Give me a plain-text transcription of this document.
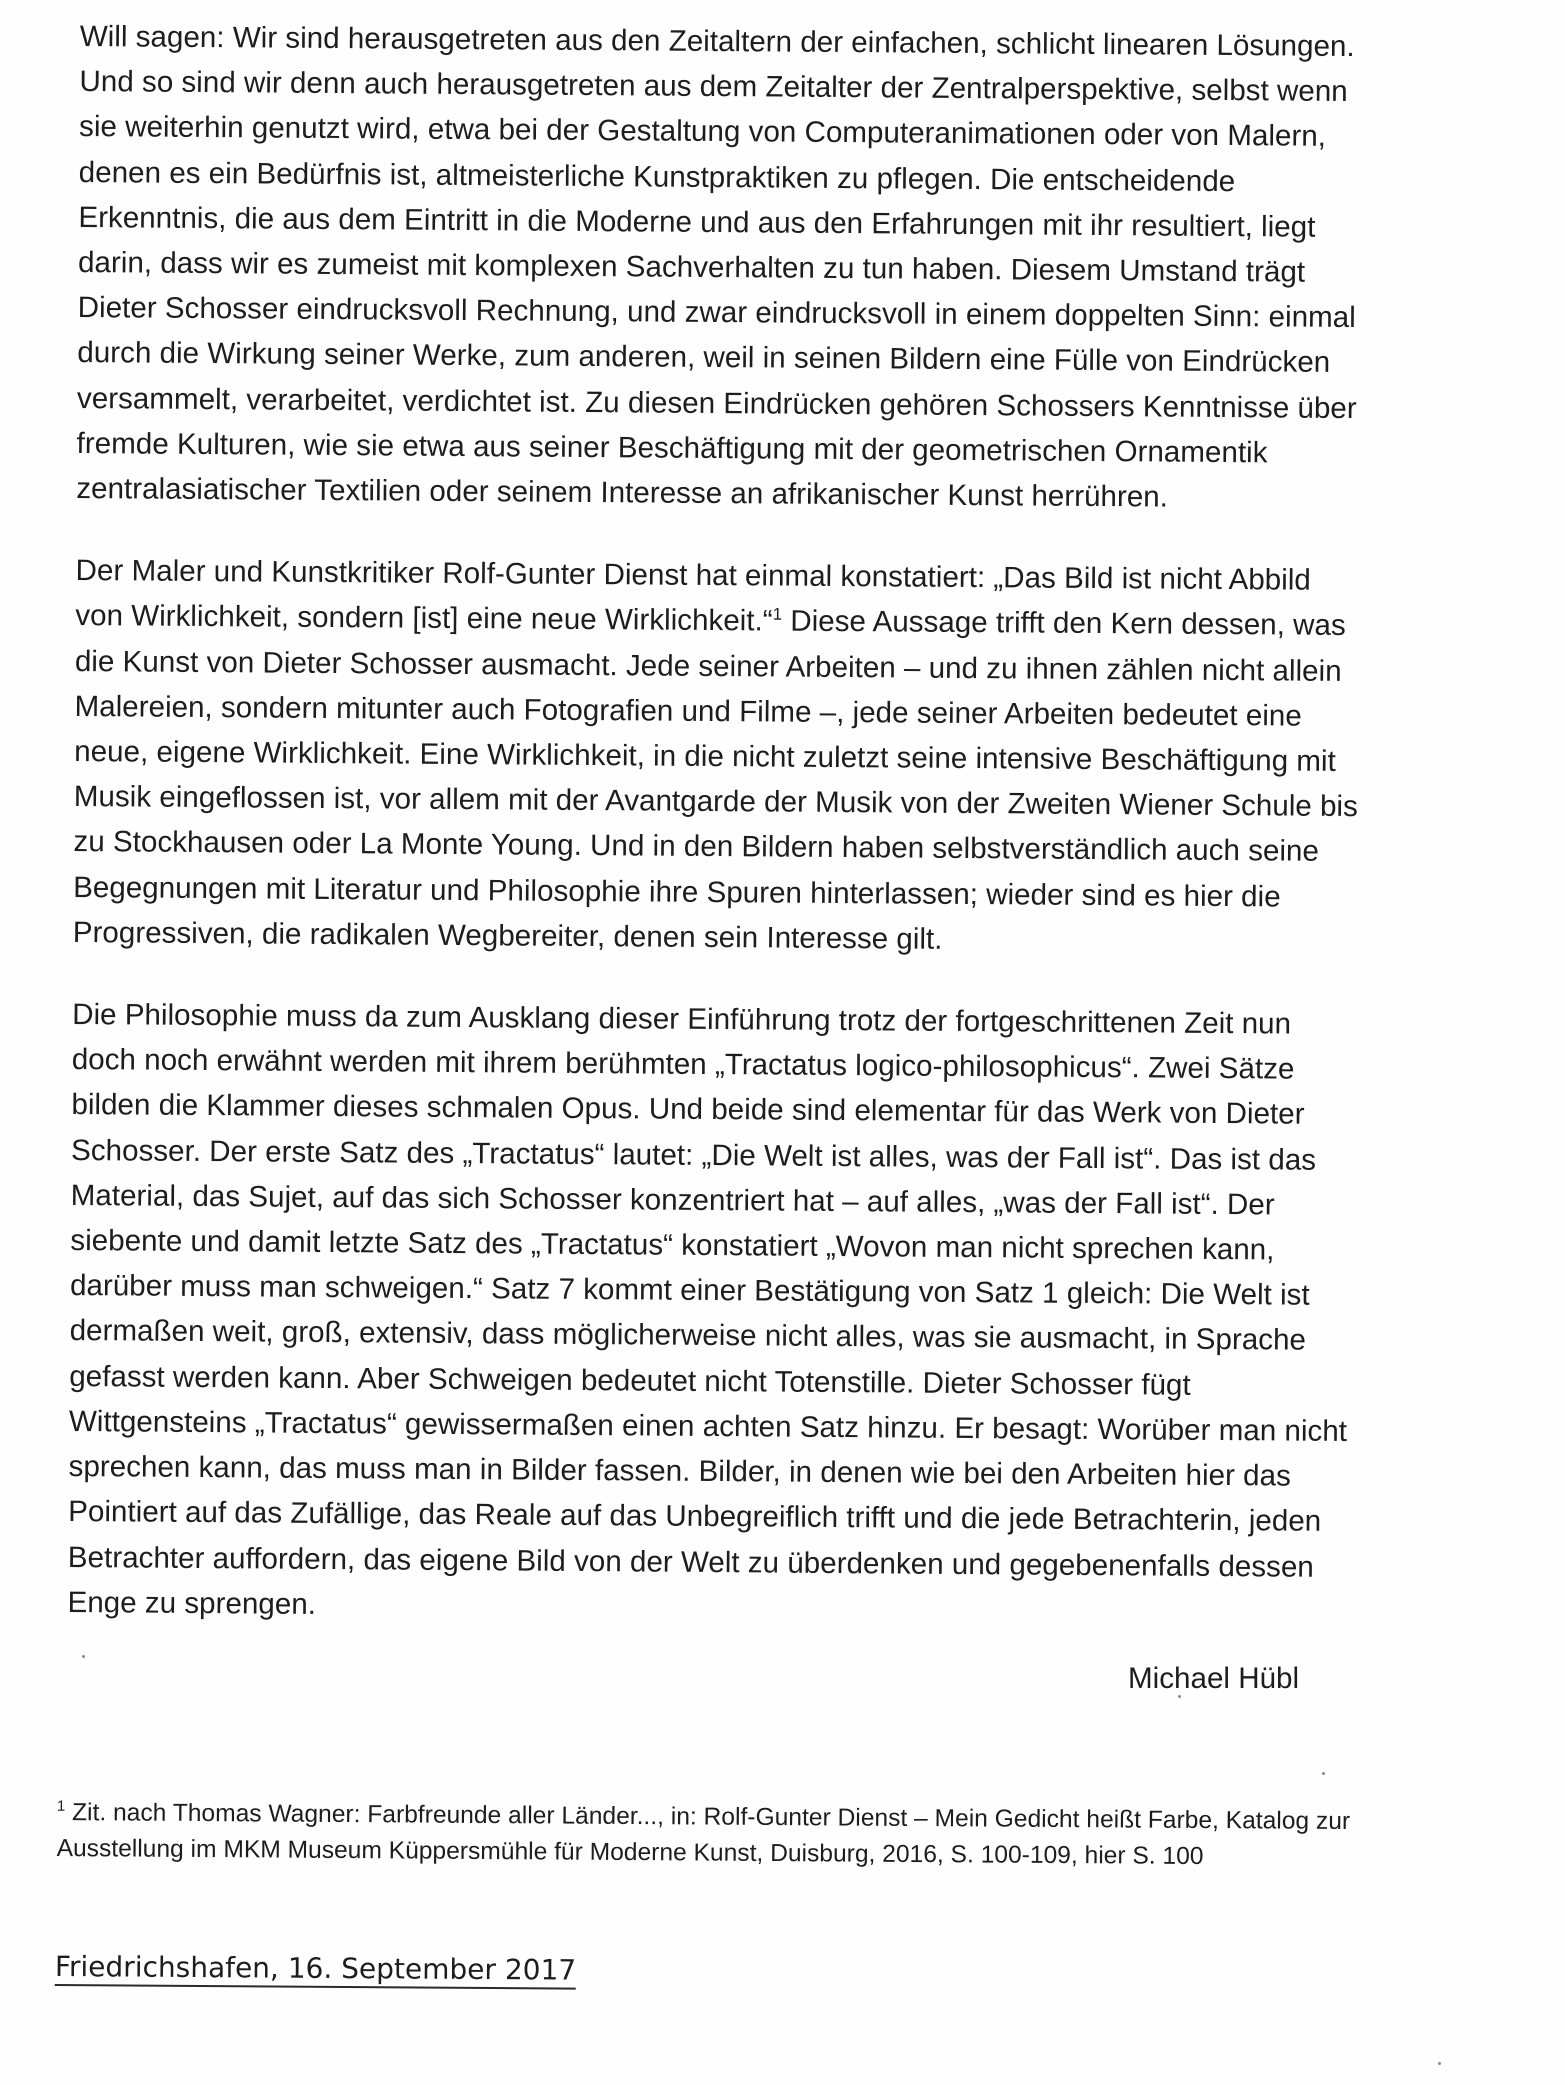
Will sagen: Wir sind herausgetreten aus den Zeitaltern der einfachen, schlicht linearen Lösungen.
Und so sind wir denn auch herausgetreten aus dem Zeitalter der Zentralperspektive, selbst wenn
sie weiterhin genutzt wird, etwa bei der Gestaltung von Computeranimationen oder von Malern,
denen es ein Bedürfnis ist, altmeisterliche Kunstpraktiken zu pflegen. Die entscheidende
Erkenntnis, die aus dem Eintritt in die Moderne und aus den Erfahrungen mit ihr resultiert, liegt
darin, dass wir es zumeist mit komplexen Sachverhalten zu tun haben. Diesem Umstand trägt
Dieter Schosser eindrucksvoll Rechnung, und zwar eindrucksvoll in einem doppelten Sinn: einmal
durch die Wirkung seiner Werke, zum anderen, weil in seinen Bildern eine Fülle von Eindrücken
versammelt, verarbeitet, verdichtet ist. Zu diesen Eindrücken gehören Schossers Kenntnisse über
fremde Kulturen, wie sie etwa aus seiner Beschäftigung mit der geometrischen Ornamentik
zentralasiatischer Textilien oder seinem Interesse an afrikanischer Kunst herrühren.

Der Maler und Kunstkritiker Rolf-Gunter Dienst hat einmal konstatiert: „Das Bild ist nicht Abbild
von Wirklichkeit, sondern [ist] eine neue Wirklichkeit.“$^1$ Diese Aussage trifft den Kern dessen, was
die Kunst von Dieter Schosser ausmacht. Jede seiner Arbeiten – und zu ihnen zählen nicht allein
Malereien, sondern mitunter auch Fotografien und Filme –, jede seiner Arbeiten bedeutet eine
neue, eigene Wirklichkeit. Eine Wirklichkeit, in die nicht zuletzt seine intensive Beschäftigung mit
Musik eingeflossen ist, vor allem mit der Avantgarde der Musik von der Zweiten Wiener Schule bis
zu Stockhausen oder La Monte Young. Und in den Bildern haben selbstverständlich auch seine
Begegnungen mit Literatur und Philosophie ihre Spuren hinterlassen; wieder sind es hier die
Progressiven, die radikalen Wegbereiter, denen sein Interesse gilt.

Die Philosophie muss da zum Ausklang dieser Einführung trotz der fortgeschrittenen Zeit nun
doch noch erwähnt werden mit ihrem berühmten „Tractatus logico-philosophicus“. Zwei Sätze
bilden die Klammer dieses schmalen Opus. Und beide sind elementar für das Werk von Dieter
Schosser. Der erste Satz des „Tractatus“ lautet: „Die Welt ist alles, was der Fall ist“. Das ist das
Material, das Sujet, auf das sich Schosser konzentriert hat – auf alles, „was der Fall ist“. Der
siebente und damit letzte Satz des „Tractatus“ konstatiert „Wovon man nicht sprechen kann,
darüber muss man schweigen.“ Satz 7 kommt einer Bestätigung von Satz 1 gleich: Die Welt ist
dermaßen weit, groß, extensiv, dass möglicherweise nicht alles, was sie ausmacht, in Sprache
gefasst werden kann. Aber Schweigen bedeutet nicht Totenstille. Dieter Schosser fügt
Wittgensteins „Tractatus“ gewissermaßen einen achten Satz hinzu. Er besagt: Worüber man nicht
sprechen kann, das muss man in Bilder fassen. Bilder, in denen wie bei den Arbeiten hier das
Pointiert auf das Zufällige, das Reale auf das Unbegreiflich trifft und die jede Betrachterin, jeden
Betrachter auffordern, das eigene Bild von der Welt zu überdenken und gegebenenfalls dessen
Enge zu sprengen.

Michael Hübl
$^1$ Zit. nach Thomas Wagner: Farbfreunde aller Länder..., in: Rolf-Gunter Dienst – Mein Gedicht heißt Farbe, Katalog zur
Ausstellung im MKM Museum Küppersmühle für Moderne Kunst, Duisburg, 2016, S. 100-109, hier S. 100
Friedrichshafen, 16. September 2017
